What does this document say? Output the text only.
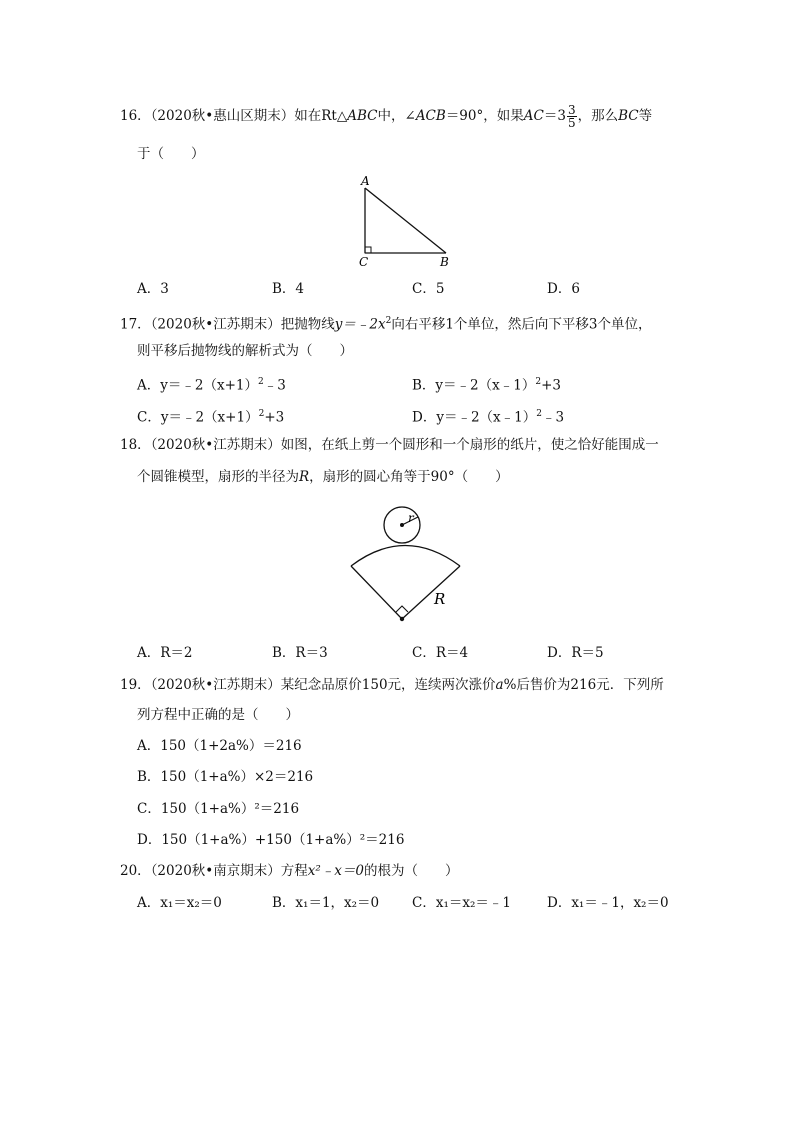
16．（2020秋•惠山区期末）如在Rt△ABC中，∠ACB＝90°，如果$AC=3 \frac{3}{5}$ ，那么BC等
于（　　）
A
C	B
A．3	B．4	C．5	D．6
17．（2020秋•江苏期末）把抛物线$y=﹣2x^2$向右平移1个单位，然后向下平移3个单位，
则平移后抛物线的解析式为（　　）
A．$y=﹣2(x+1)^2﹣3$	B．y＝﹣2（x﹣1）$^2$+3
C．$y=﹣2(x+1)^2+3$	D．y＝﹣2（x﹣1）$^2$﹣3
18．（2020秋•江苏期末）如图，在纸上剪一个圆形和一个扇形的纸片，使之恰好能围成一
个圆锥模型，扇形的半径为R，扇形的圆心角等于90°（　　）
r
R
A．R＝2	B．R＝3	C．R＝4	D．R＝5
19．（2020秋•江苏期末）某纪念品原价150元，连续两次涨价a%后售价为216元．下列所
列方程中正确的是（　　）
A．150（1+2a%）＝216
B．150（1+a%）×2＝216
C．150（1+a%）²＝216
D．150（1+a%）+150（1+a%）²＝216
20．（2020秋•南京期末）方程x²﹣x＝0的根为（　　）
A．x₁＝x₂＝0	B．x₁＝1，x₂＝0 C．x₁＝x₂＝﹣1	D．x₁＝﹣1，x₂＝0
